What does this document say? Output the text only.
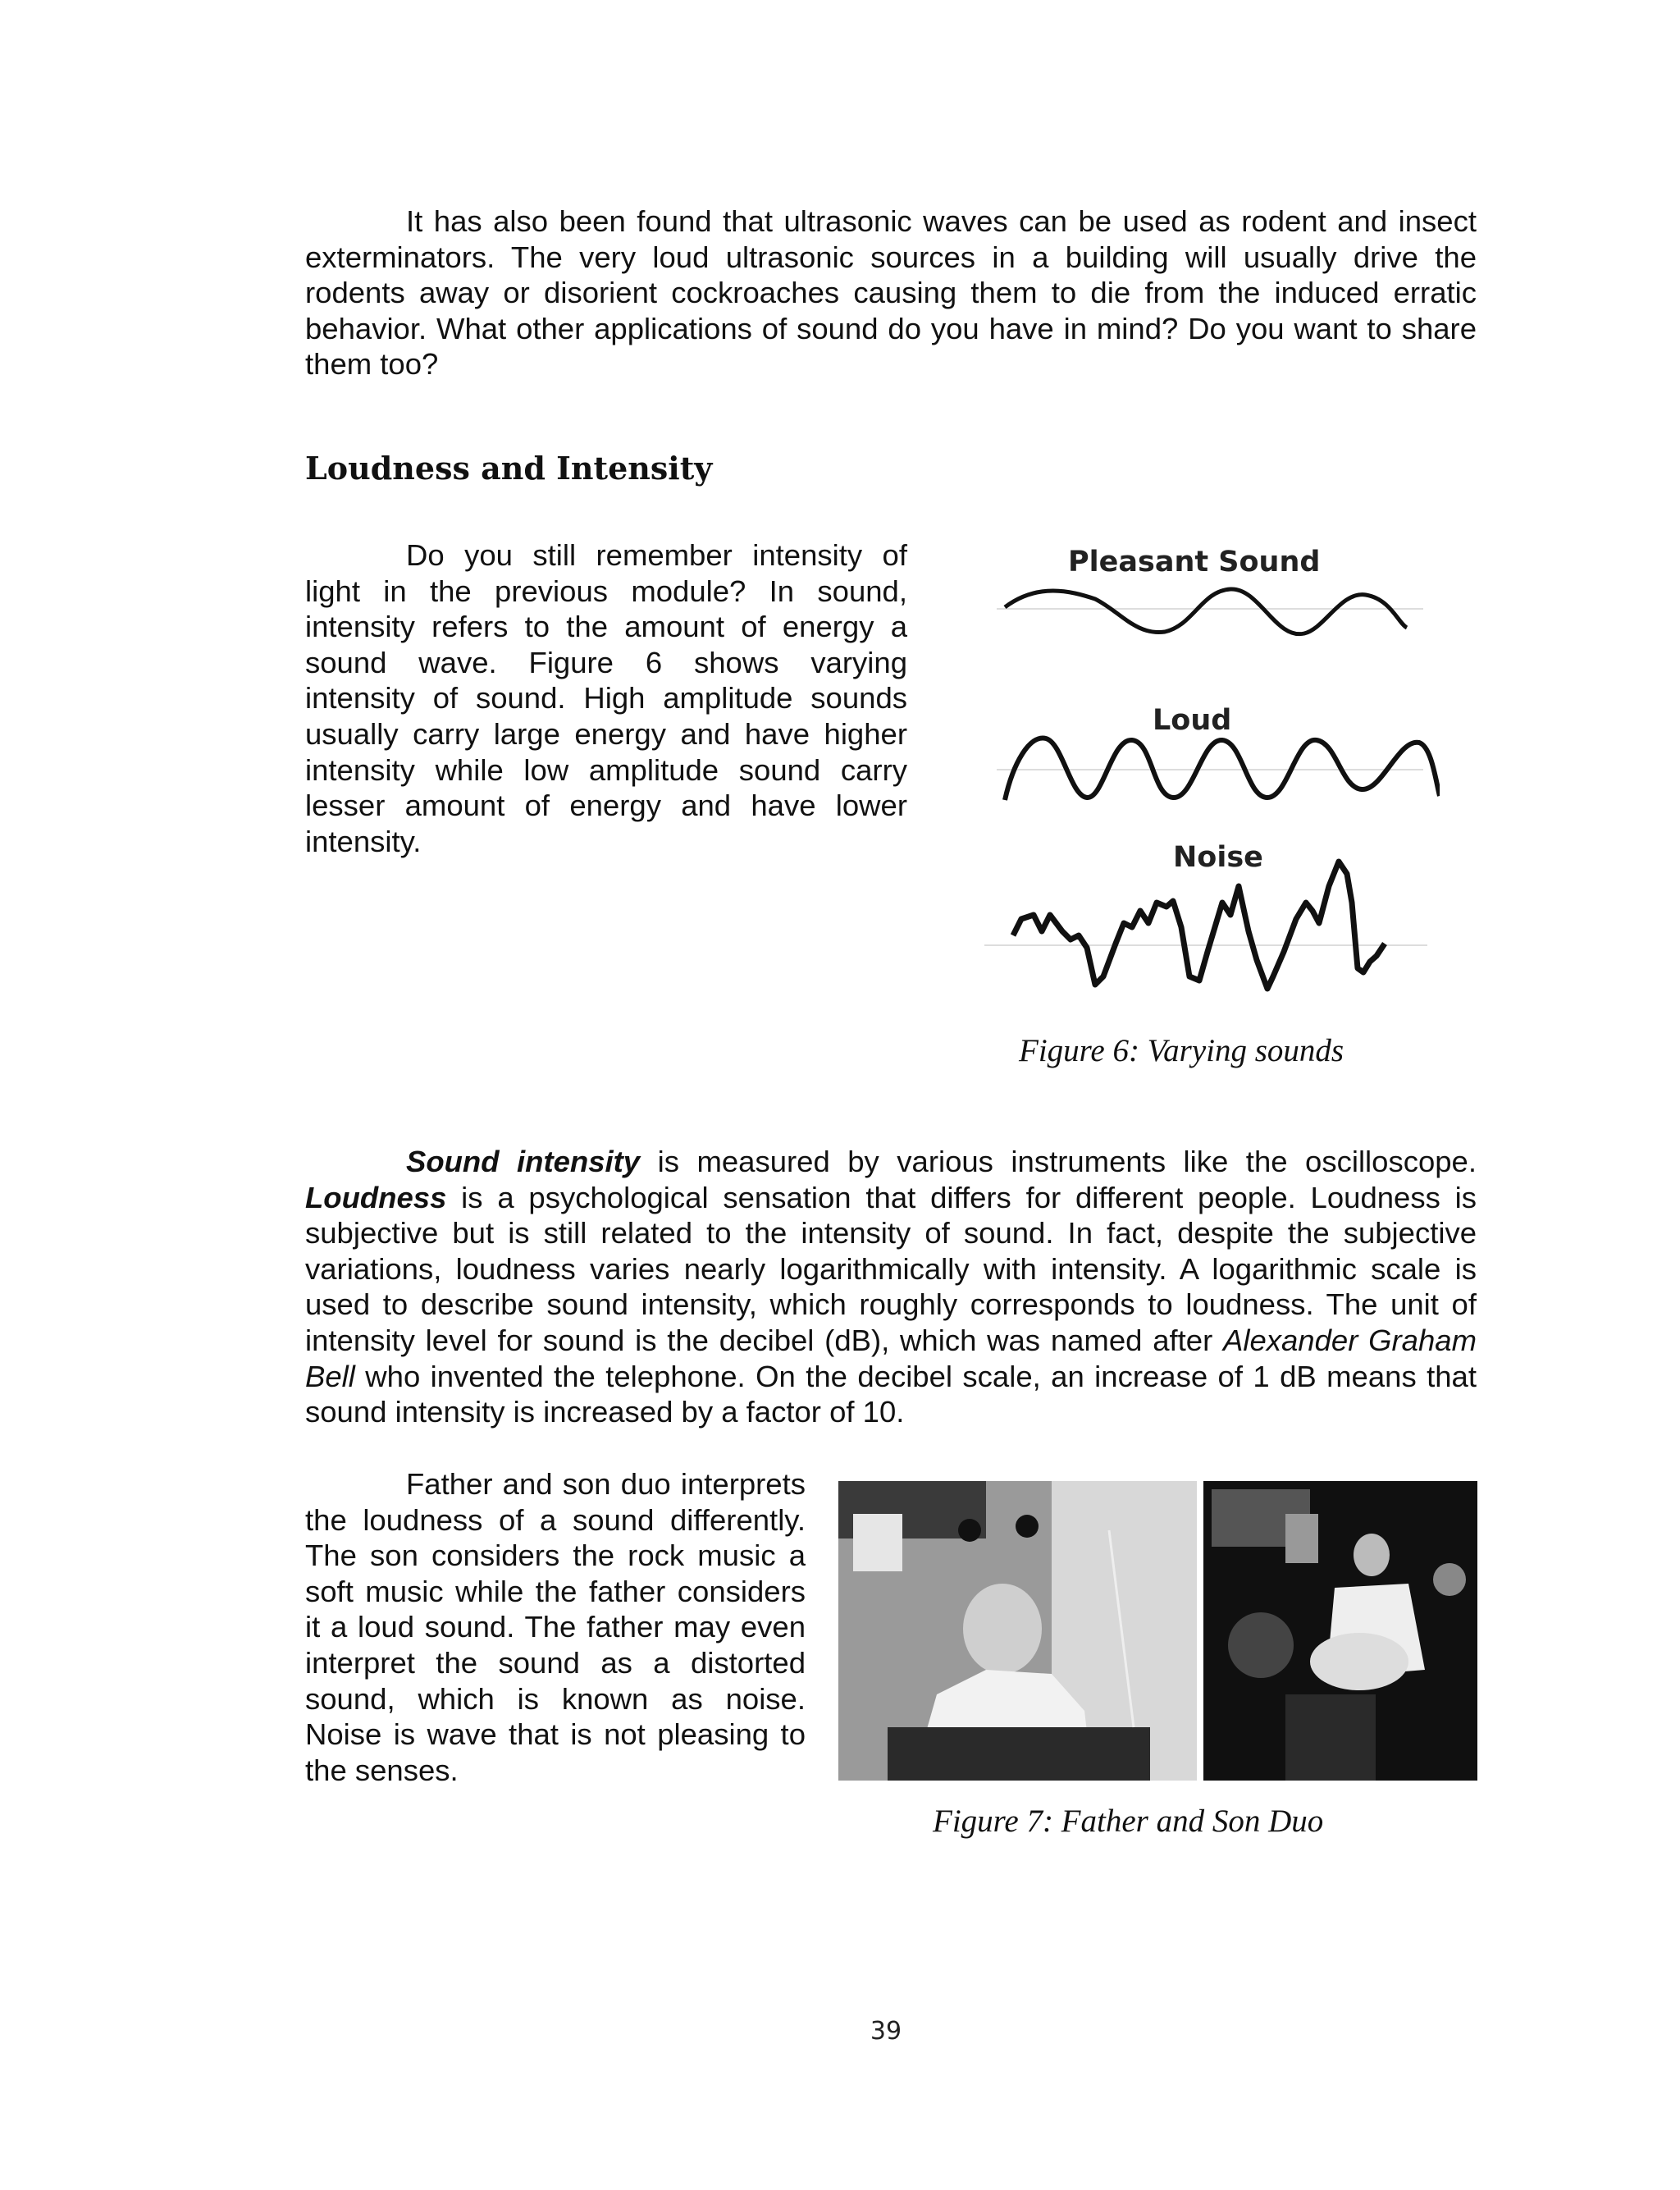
It has also been found that ultrasonic waves can be used as rodent and insect exterminators. The very loud ultrasonic sources in a building will usually drive the rodents away or disorient cockroaches causing them to die from the induced erratic behavior. What other applications of sound do you have in mind? Do you want to share them too?

Loudness and Intensity

Do you still remember intensity of light in the previous module? In sound, intensity refers to the amount of energy a sound wave. Figure 6 shows varying intensity of sound. High amplitude sounds usually carry large energy and have higher intensity while low amplitude sound carry lesser amount of energy and have lower intensity.

Pleasant Sound
Loud
Noise

Figure 6: Varying sounds

Sound intensity is measured by various instruments like the oscilloscope. Loudness is a psychological sensation that differs for different people. Loudness is subjective but is still related to the intensity of sound. In fact, despite the subjective variations, loudness varies nearly logarithmically with intensity. A logarithmic scale is used to describe sound intensity, which roughly corresponds to loudness. The unit of intensity level for sound is the decibel (dB), which was named after Alexander Graham Bell who invented the telephone. On the decibel scale, an increase of 1 dB means that sound intensity is increased by a factor of 10.

Father and son duo interprets the loudness of a sound differently. The son considers the rock music a soft music while the father considers it a loud sound. The father may even interpret the sound as a distorted sound, which is known as noise. Noise is wave that is not pleasing to the senses.

Figure 7: Father and Son Duo

39
